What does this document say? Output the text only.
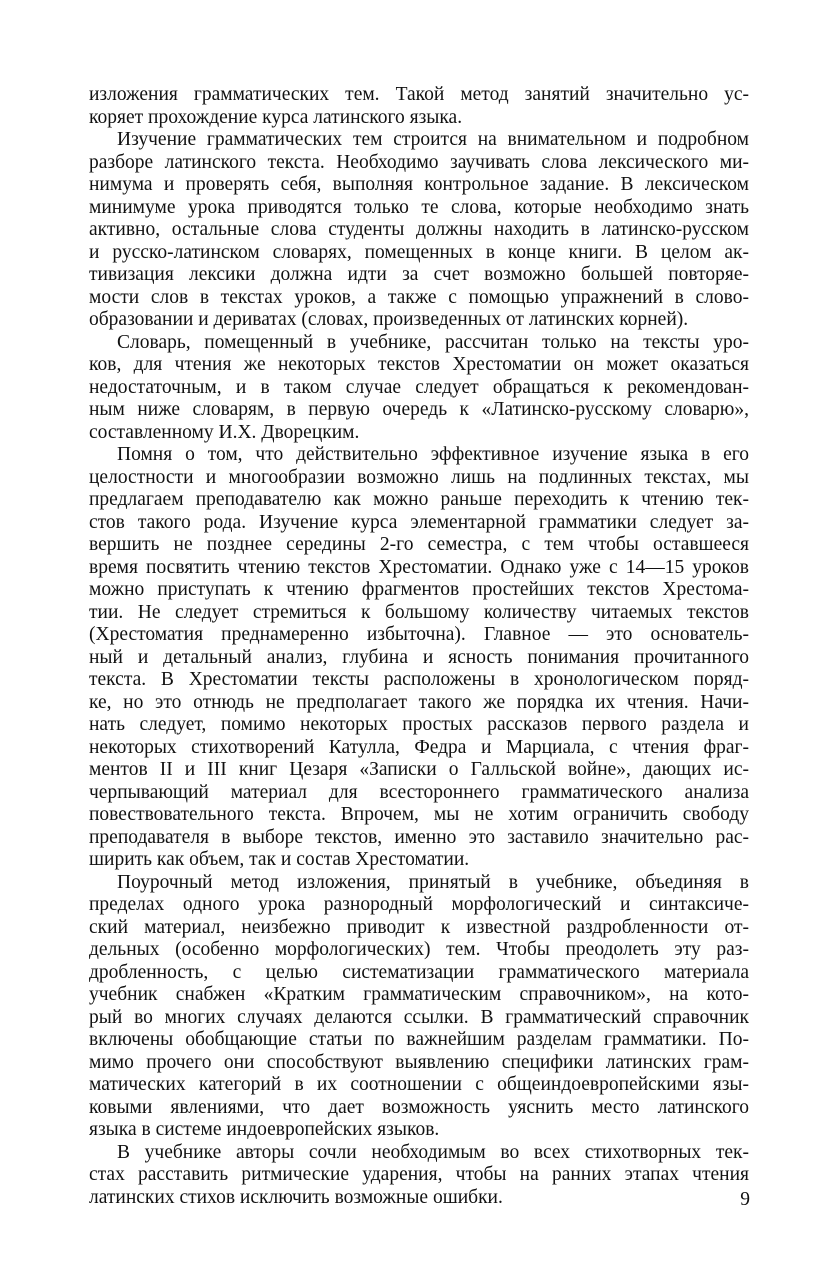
изложения грамматических тем. Такой метод занятий значительно ус-
коряет прохождение курса латинского языка.
Изучение грамматических тем строится на внимательном и подробном
разборе латинского текста. Необходимо заучивать слова лексического ми-
нимума и проверять себя, выполняя контрольное задание. В лексическом
минимуме урока приводятся только те слова, которые необходимо знать
активно, остальные слова студенты должны находить в латинско-русском
и русско-латинском словарях, помещенных в конце книги. В целом ак-
тивизация лексики должна идти за счет возможно большей повторяе-
мости слов в текстах уроков, а также с помощью упражнений в слово-
образовании и дериватах (словах, произведенных от латинских корней).
Словарь, помещенный в учебнике, рассчитан только на тексты уро-
ков, для чтения же некоторых текстов Хрестоматии он может оказаться
недостаточным, и в таком случае следует обращаться к рекомендован-
ным ниже словарям, в первую очередь к «Латинско-русскому словарю»,
составленному И.Х. Дворецким.
Помня о том, что действительно эффективное изучение языка в его
целостности и многообразии возможно лишь на подлинных текстах, мы
предлагаем преподавателю как можно раньше переходить к чтению тек-
стов такого рода. Изучение курса элементарной грамматики следует за-
вершить не позднее середины 2-го семестра, с тем чтобы оставшееся
время посвятить чтению текстов Хрестоматии. Однако уже с 14—15 уроков
можно приступать к чтению фрагментов простейших текстов Хрестома-
тии. Не следует стремиться к большому количеству читаемых текстов
(Хрестоматия преднамеренно избыточна). Главное — это основатель-
ный и детальный анализ, глубина и ясность понимания прочитанного
текста. В Хрестоматии тексты расположены в хронологическом поряд-
ке, но это отнюдь не предполагает такого же порядка их чтения. Начи-
нать следует, помимо некоторых простых рассказов первого раздела и
некоторых стихотворений Катулла, Федра и Марциала, с чтения фраг-
ментов II и III книг Цезаря «Записки о Галльской войне», дающих ис-
черпывающий материал для всестороннего грамматического анализа
повествовательного текста. Впрочем, мы не хотим ограничить свободу
преподавателя в выборе текстов, именно это заставило значительно рас-
ширить как объем, так и состав Хрестоматии.
Поурочный метод изложения, принятый в учебнике, объединяя в
пределах одного урока разнородный морфологический и синтаксиче-
ский материал, неизбежно приводит к известной раздробленности от-
дельных (особенно морфологических) тем. Чтобы преодолеть эту раз-
дробленность, с целью систематизации грамматического материала
учебник снабжен «Кратким грамматическим справочником», на кото-
рый во многих случаях делаются ссылки. В грамматический справочник
включены обобщающие статьи по важнейшим разделам грамматики. По-
мимо прочего они способствуют выявлению специфики латинских грам-
матических категорий в их соотношении с общеиндоевропейскими язы-
ковыми явлениями, что дает возможность уяснить место латинского
языка в системе индоевропейских языков.
В учебнике авторы сочли необходимым во всех стихотворных тек-
стах расставить ритмические ударения, чтобы на ранних этапах чтения
латинских стихов исключить возможные ошибки.	9
